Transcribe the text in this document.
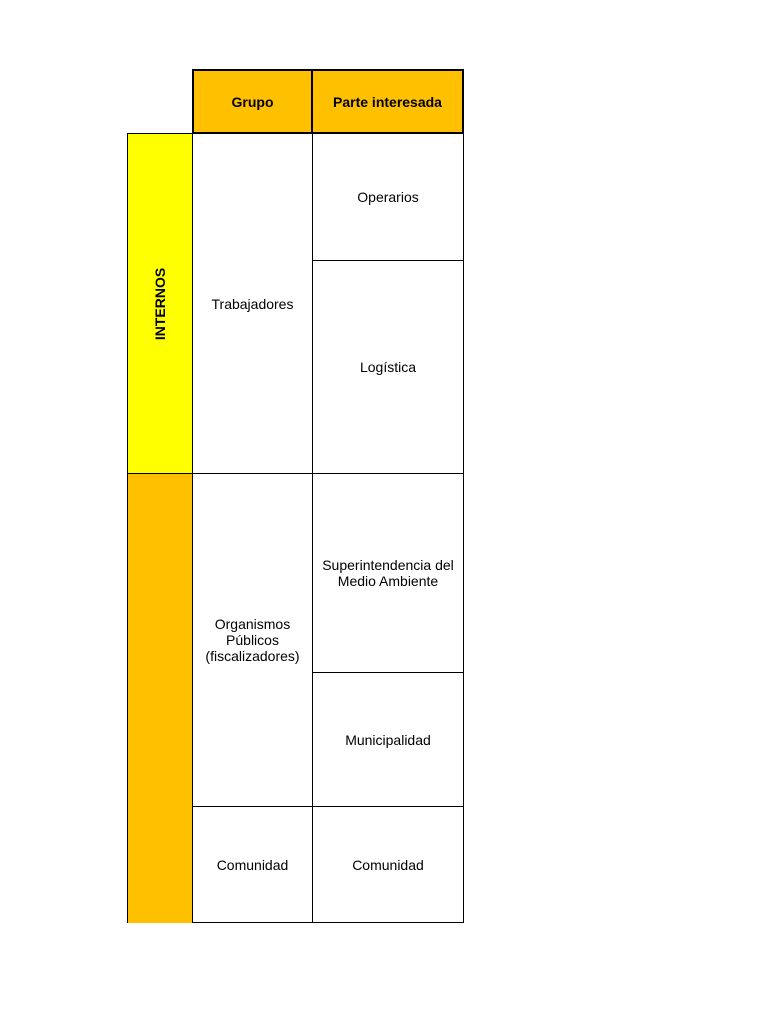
Grupo	Parte interesada
INTERNOS	Trabajadores
Organismos
Públicos
(fiscalizadores)
Comunidad
Operarios
Logística
Superintendencia del
Medio Ambiente
Municipalidad
Comunidad
